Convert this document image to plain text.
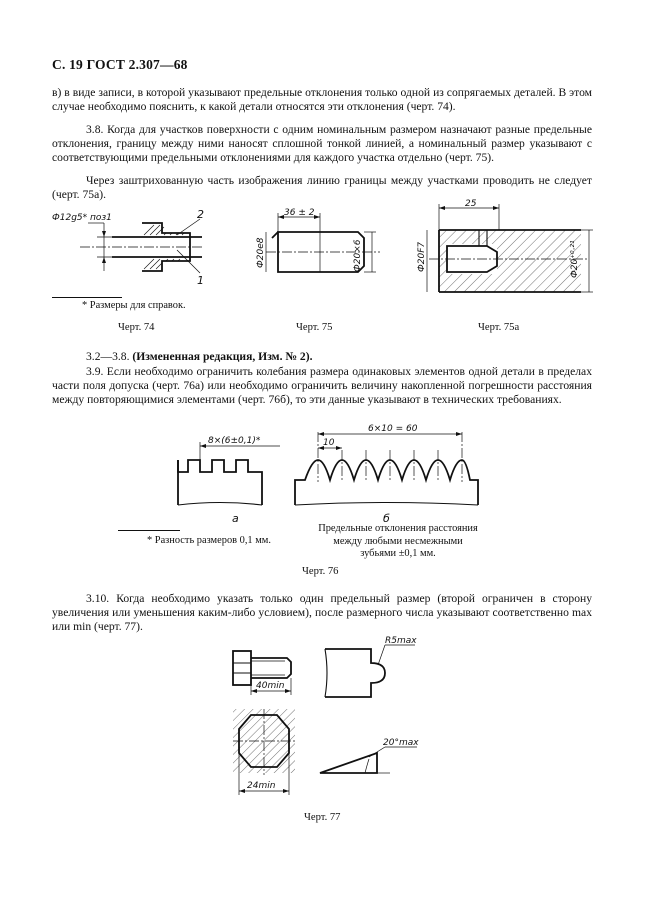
С. 19 ГОСТ 2.307—68
в) в виде записи, в которой указывают предельные отклонения только одной из сопрягаемых деталей. В этом случае необходимо пояснить, к какой детали относятся эти отклонения (черт. 74).
3.8. Когда для участков поверхности с одним номинальным размером назначают разные предельные отклонения, границу между ними наносят сплошной тонкой линией, а номинальный размер указывают с соответствующими предельными отклонениями для каждого участка отдельно (черт. 75).
Через заштрихованную часть изображения линию границы между участками проводить не следует (черт. 75а).
Ф12g5* поз1	2
1
36 ± 2
Ф20е8	Ф20×6
25
Ф20F7	Ф20⁺⁰·²¹
* Размеры для справок.
Черт. 74	Черт. 75	Черт. 75а
3.2—3.8. (Измененная редакция, Изм. № 2).
3.9. Если необходимо ограничить колебания размера одинаковых элементов одной детали в пределах части поля допуска (черт. 76а) или необходимо ограничить величину накопленной погрешности расстояния между повторяющимися элементами (черт. 76б), то эти данные указывают в технических требованиях.
8×(6±0,1)*
а
6×10 = 60
10
б
* Разность размеров 0,1 мм.
Предельные отклонения расстояния между любыми несмежными зубьями ±0,1 мм.
Черт. 76
3.10. Когда необходимо указать только один предельный размер (второй ограничен в сторону увеличения или уменьшения каким-либо условием), после размерного числа указывают соответственно max или min (черт. 77).
40min
R5max
24min
20°max
Черт. 77
